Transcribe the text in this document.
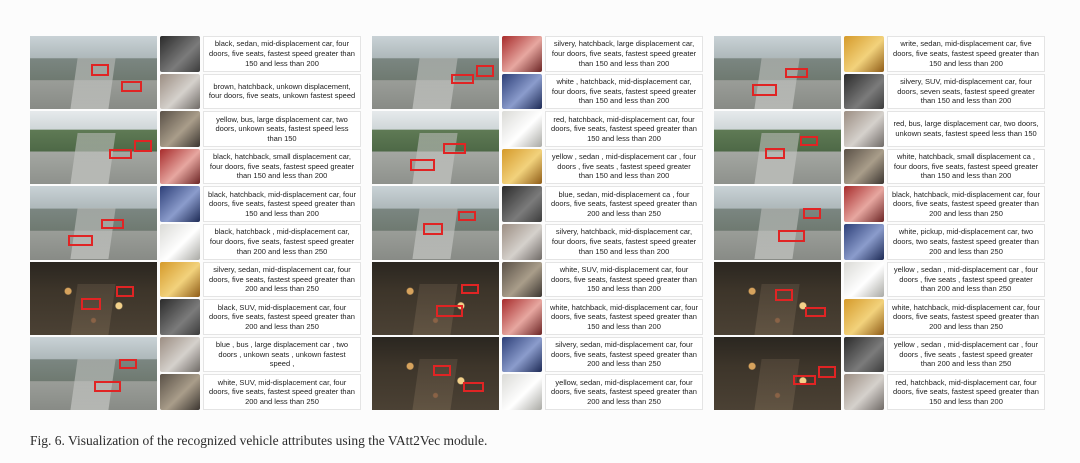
black, sedan, mid-displacement car, four doors, five seats, fastest speed greater than 150 and less than 200
brown, hatchback, unkown displacement, four doors, five seats, unkown fastest speed
yellow, bus, large displacement car, two doors, unkown seats, fastest speed less than 150
black, hatchback, small displacement car, four doors, five seats, fastest speed greater than 150 and less than 200
black, hatchback, mid-displacement car, four doors, five seats, fastest speed greater than 150 and less than 200
black, hatchback , mid-displacement car, four doors, five seats, fastest speed greater than 200 and less than 250
silvery, sedan, mid-displacement car, four doors, five seats, fastest speed greater than 200 and less than 250
black, SUV, mid-displacement car, four doors, five seats, fastest speed greater than 200 and less than 250
blue , bus , large displacement car , two doors , unkown seats , unkown fastest speed ,
white, SUV, mid-displacement car, four doors, five seats, fastest speed greater than 200 and less than 250
silvery, hatchback, large displacement car, four doors, five seats, fastest speed greater than 150 and less than 200
white , hatchback, mid-displacement car, four doors, five seats, fastest speed greater than 150 and less than 200
red, hatchback, mid-displacement car, four doors, five seats, fastest speed greater than 150 and less than 200
yellow , sedan , mid-displacement car , four doors , five seats , fastest speed greater than 150 and less than 200
blue, sedan, mid-displacement ca , four doors, five seats, fastest speed greater than 200 and less than 250
silvery, hatchback, mid-displacement car, four doors, five seats, fastest speed greater than 150 and less than 200
white, SUV, mid-displacement car, four doors, five seats, fastest speed greater than 150 and less than 200
white, hatchback, mid-displacement car, four doors, five seats, fastest speed greater than 150 and less than 200
silvery, sedan, mid-displacement car, four doors, five seats, fastest speed greater than 200 and less than 250
yellow, sedan, mid-displacement car, four doors, five seats, fastest speed greater than 200 and less than 250
write, sedan, mid-displacement car, five doors, five seats, fastest speed greater than 150 and less than 200
silvery, SUV, mid-displacement car, four doors, seven seats, fastest speed greater than 150 and less than 200
red, bus, large displacement car, two doors, unkown seats, fastest speed less than 150
white, hatchback, small displacement ca , four doors, five seats, fastest speed greater than 150 and less than 200
black, hatchback, mid-displacement car, four doors, five seats, fastest speed greater than 200 and less than 250
white, pickup, mid-displacement car, two doors, two seats, fastest speed greater than 200 and less than 250
yellow , sedan , mid-displacement car , four doors , five seats , fastest speed greater than 200 and less than 250
white, hatchback, mid-displacement car, four doors, five seats, fastest speed greater than 200 and less than 250
yellow , sedan , mid-displacement car , four doors , five seats , fastest speed greater than 200 and less than 250
red, hatchback, mid-displacement car, four doors, five seats, fastest speed greater than 150 and less than 200
Fig. 6. Visualization of the recognized vehicle attributes using the VAtt2Vec module.
